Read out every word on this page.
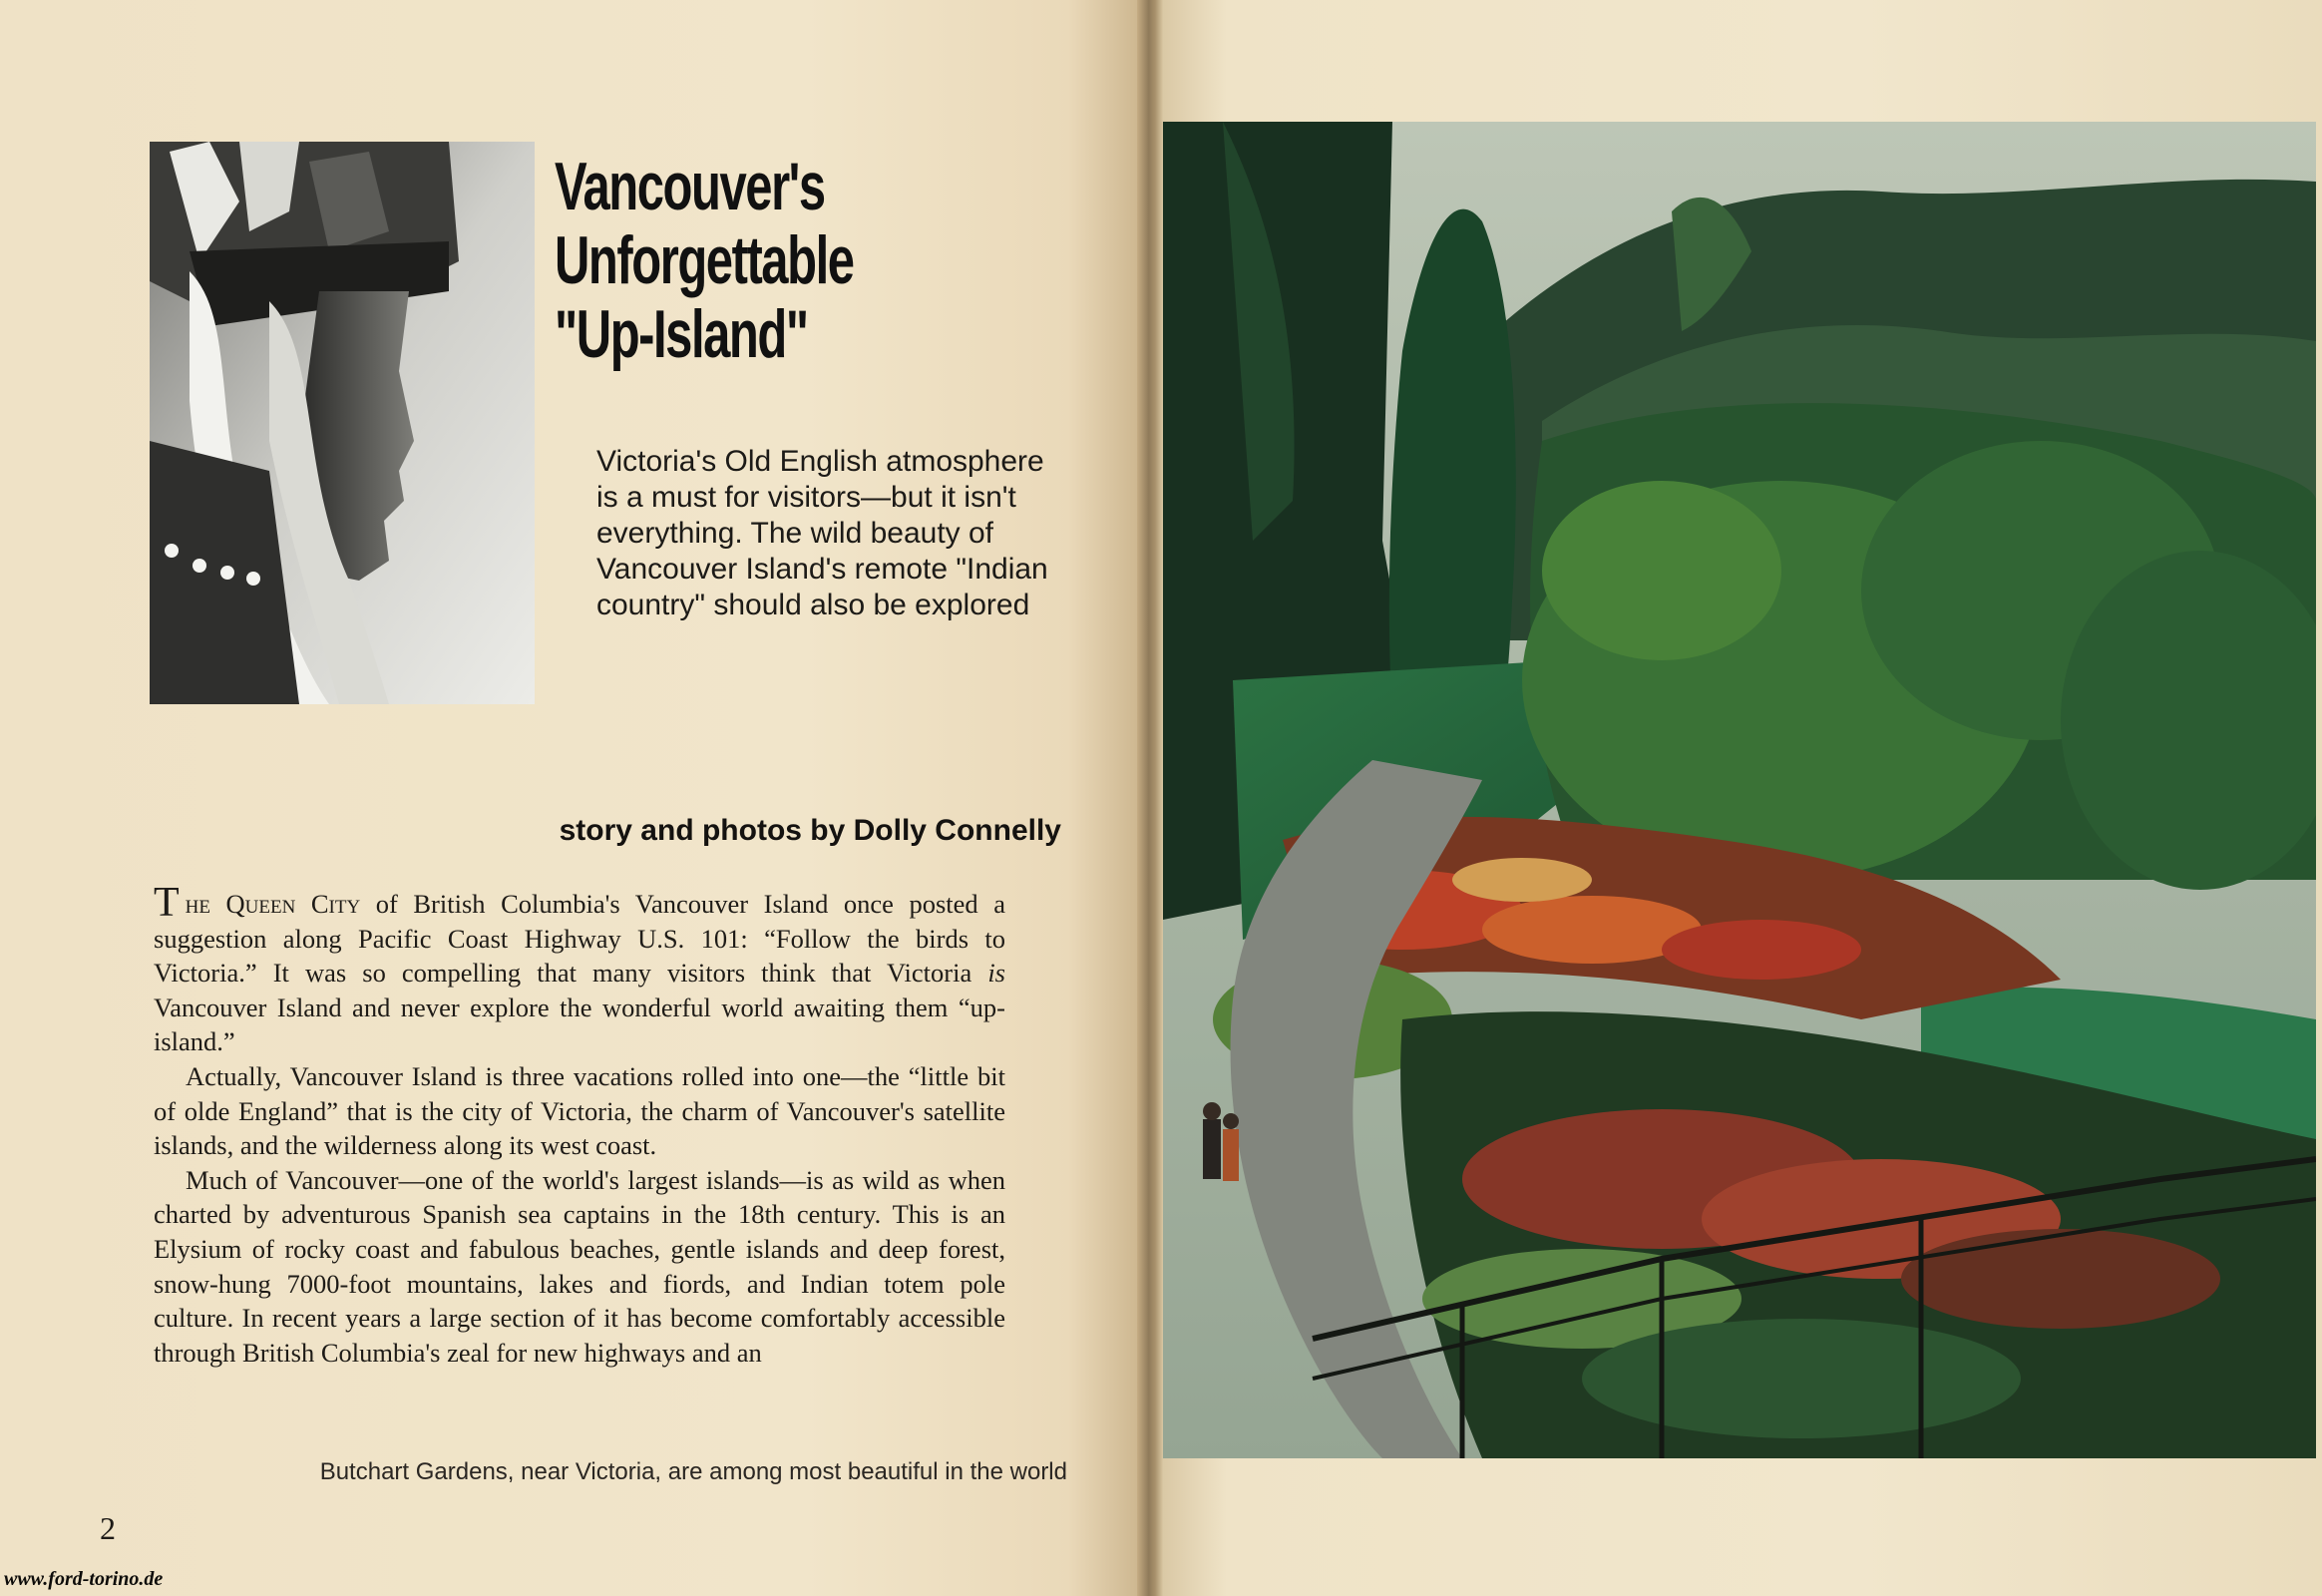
Vancouver's
Unforgettable
"Up-Island"
Victoria's Old English atmosphere is a must for visitors—but it isn't everything. The wild beauty of Vancouver Island's remote "Indian country" should also be explored
story and photos by Dolly Connelly

The Queen City of British Columbia's Vancouver Island once posted a suggestion along Pacific Coast Highway U.S. 101: “Follow the birds to Victoria.” It was so compelling that many visitors think that Victoria is Vancouver Island and never explore the wonderful world awaiting them “up-island.”

Actually, Vancouver Island is three vacations rolled into one—the “little bit of olde England” that is the city of Victoria, the charm of Vancouver's satellite islands, and the wilderness along its west coast.

Much of Vancouver—one of the world's largest islands—is as wild as when charted by adventurous Spanish sea captains in the 18th century. This is an Elysium of rocky coast and fabulous beaches, gentle islands and deep forest, snow-hung 7000-foot mountains, lakes and fiords, and Indian totem pole culture. In recent years a large section of it has become comfortably accessible through British Columbia's zeal for new highways and an

Butchart Gardens, near Victoria, are among most beautiful in the world
2
www.ford-torino.de
